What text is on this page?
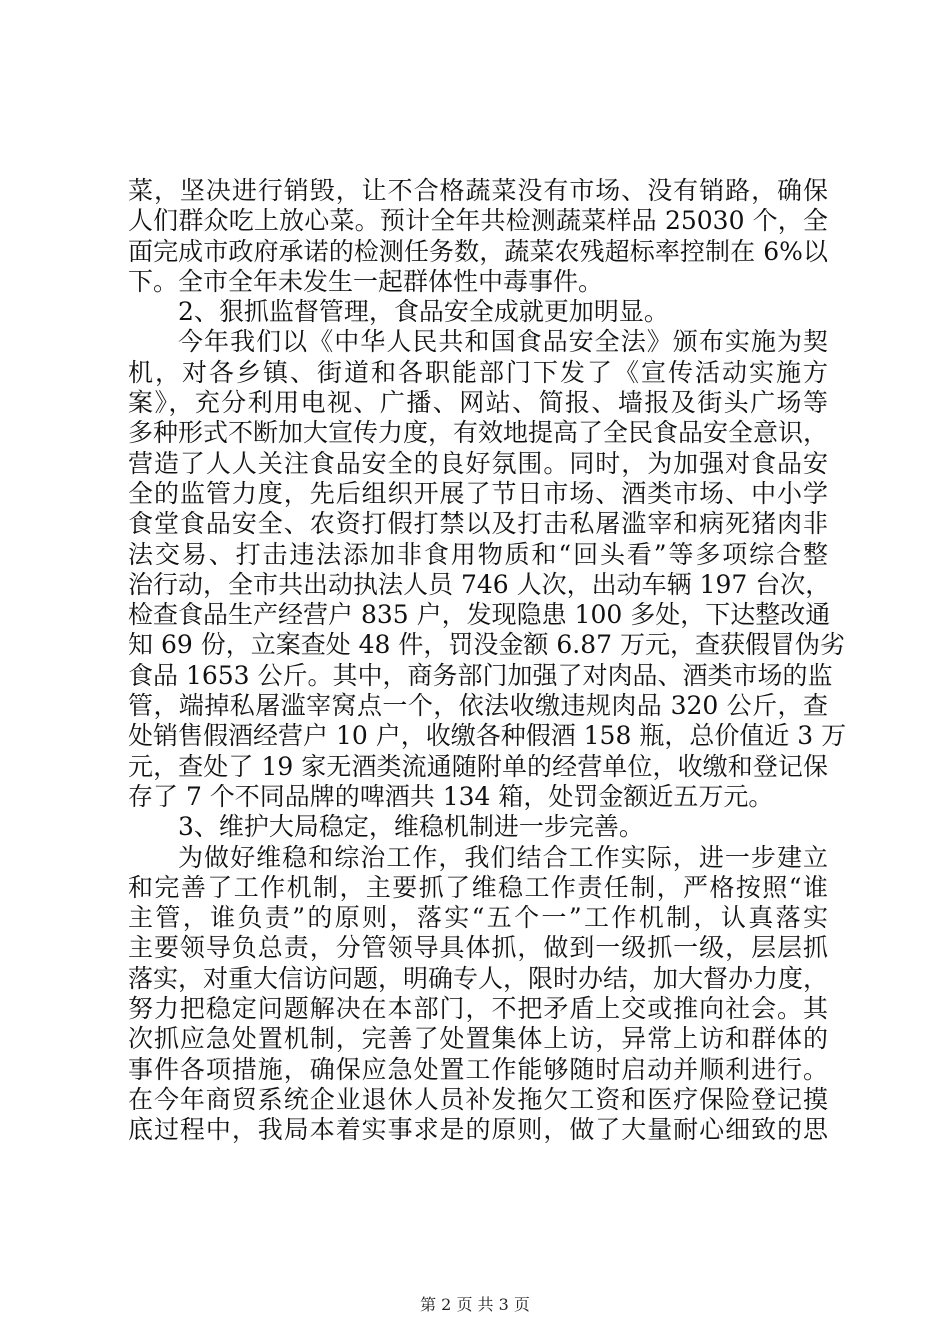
菜，坚决进行销毁，让不合格蔬菜没有市场、没有销路，确保
人们群众吃上放心菜。预计全年共检测蔬菜样品 25030 个，全
面完成市政府承诺的检测任务数，蔬菜农残超标率控制在 6%以
下。全市全年未发生一起群体性中毒事件。
2、狠抓监督管理，食品安全成就更加明显。
今年我们以《中华人民共和国食品安全法》颁布实施为契
机，对各乡镇、街道和各职能部门下发了《宣传活动实施方
案》，充分利用电视、广播、网站、简报、墙报及街头广场等
多种形式不断加大宣传力度，有效地提高了全民食品安全意识，
营造了人人关注食品安全的良好氛围。同时，为加强对食品安
全的监管力度，先后组织开展了节日市场、酒类市场、中小学
食堂食品安全、农资打假打禁以及打击私屠滥宰和病死猪肉非
法交易、打击违法添加非食用物质和“回头看”等多项综合整
治行动，全市共出动执法人员 746 人次，出动车辆 197 台次，
检查食品生产经营户 835 户，发现隐患 100 多处，下达整改通
知 69 份，立案查处 48 件，罚没金额 6.87 万元，查获假冒伪劣
食品 1653 公斤。其中，商务部门加强了对肉品、酒类市场的监
管，端掉私屠滥宰窝点一个，依法收缴违规肉品 320 公斤，查
处销售假酒经营户 10 户，收缴各种假酒 158 瓶，总价值近 3 万
元，查处了 19 家无酒类流通随附单的经营单位，收缴和登记保
存了 7 个不同品牌的啤酒共 134 箱，处罚金额近五万元。
3、维护大局稳定，维稳机制进一步完善。
为做好维稳和综治工作，我们结合工作实际，进一步建立
和完善了工作机制，主要抓了维稳工作责任制，严格按照“谁
主管，谁负责”的原则，落实“五个一”工作机制，认真落实
主要领导负总责，分管领导具体抓，做到一级抓一级，层层抓
落实，对重大信访问题，明确专人，限时办结，加大督办力度，
努力把稳定问题解决在本部门，不把矛盾上交或推向社会。其
次抓应急处置机制，完善了处置集体上访，异常上访和群体的
事件各项措施，确保应急处置工作能够随时启动并顺利进行。
在今年商贸系统企业退休人员补发拖欠工资和医疗保险登记摸
底过程中，我局本着实事求是的原则，做了大量耐心细致的思
第 2 页 共 3 页
